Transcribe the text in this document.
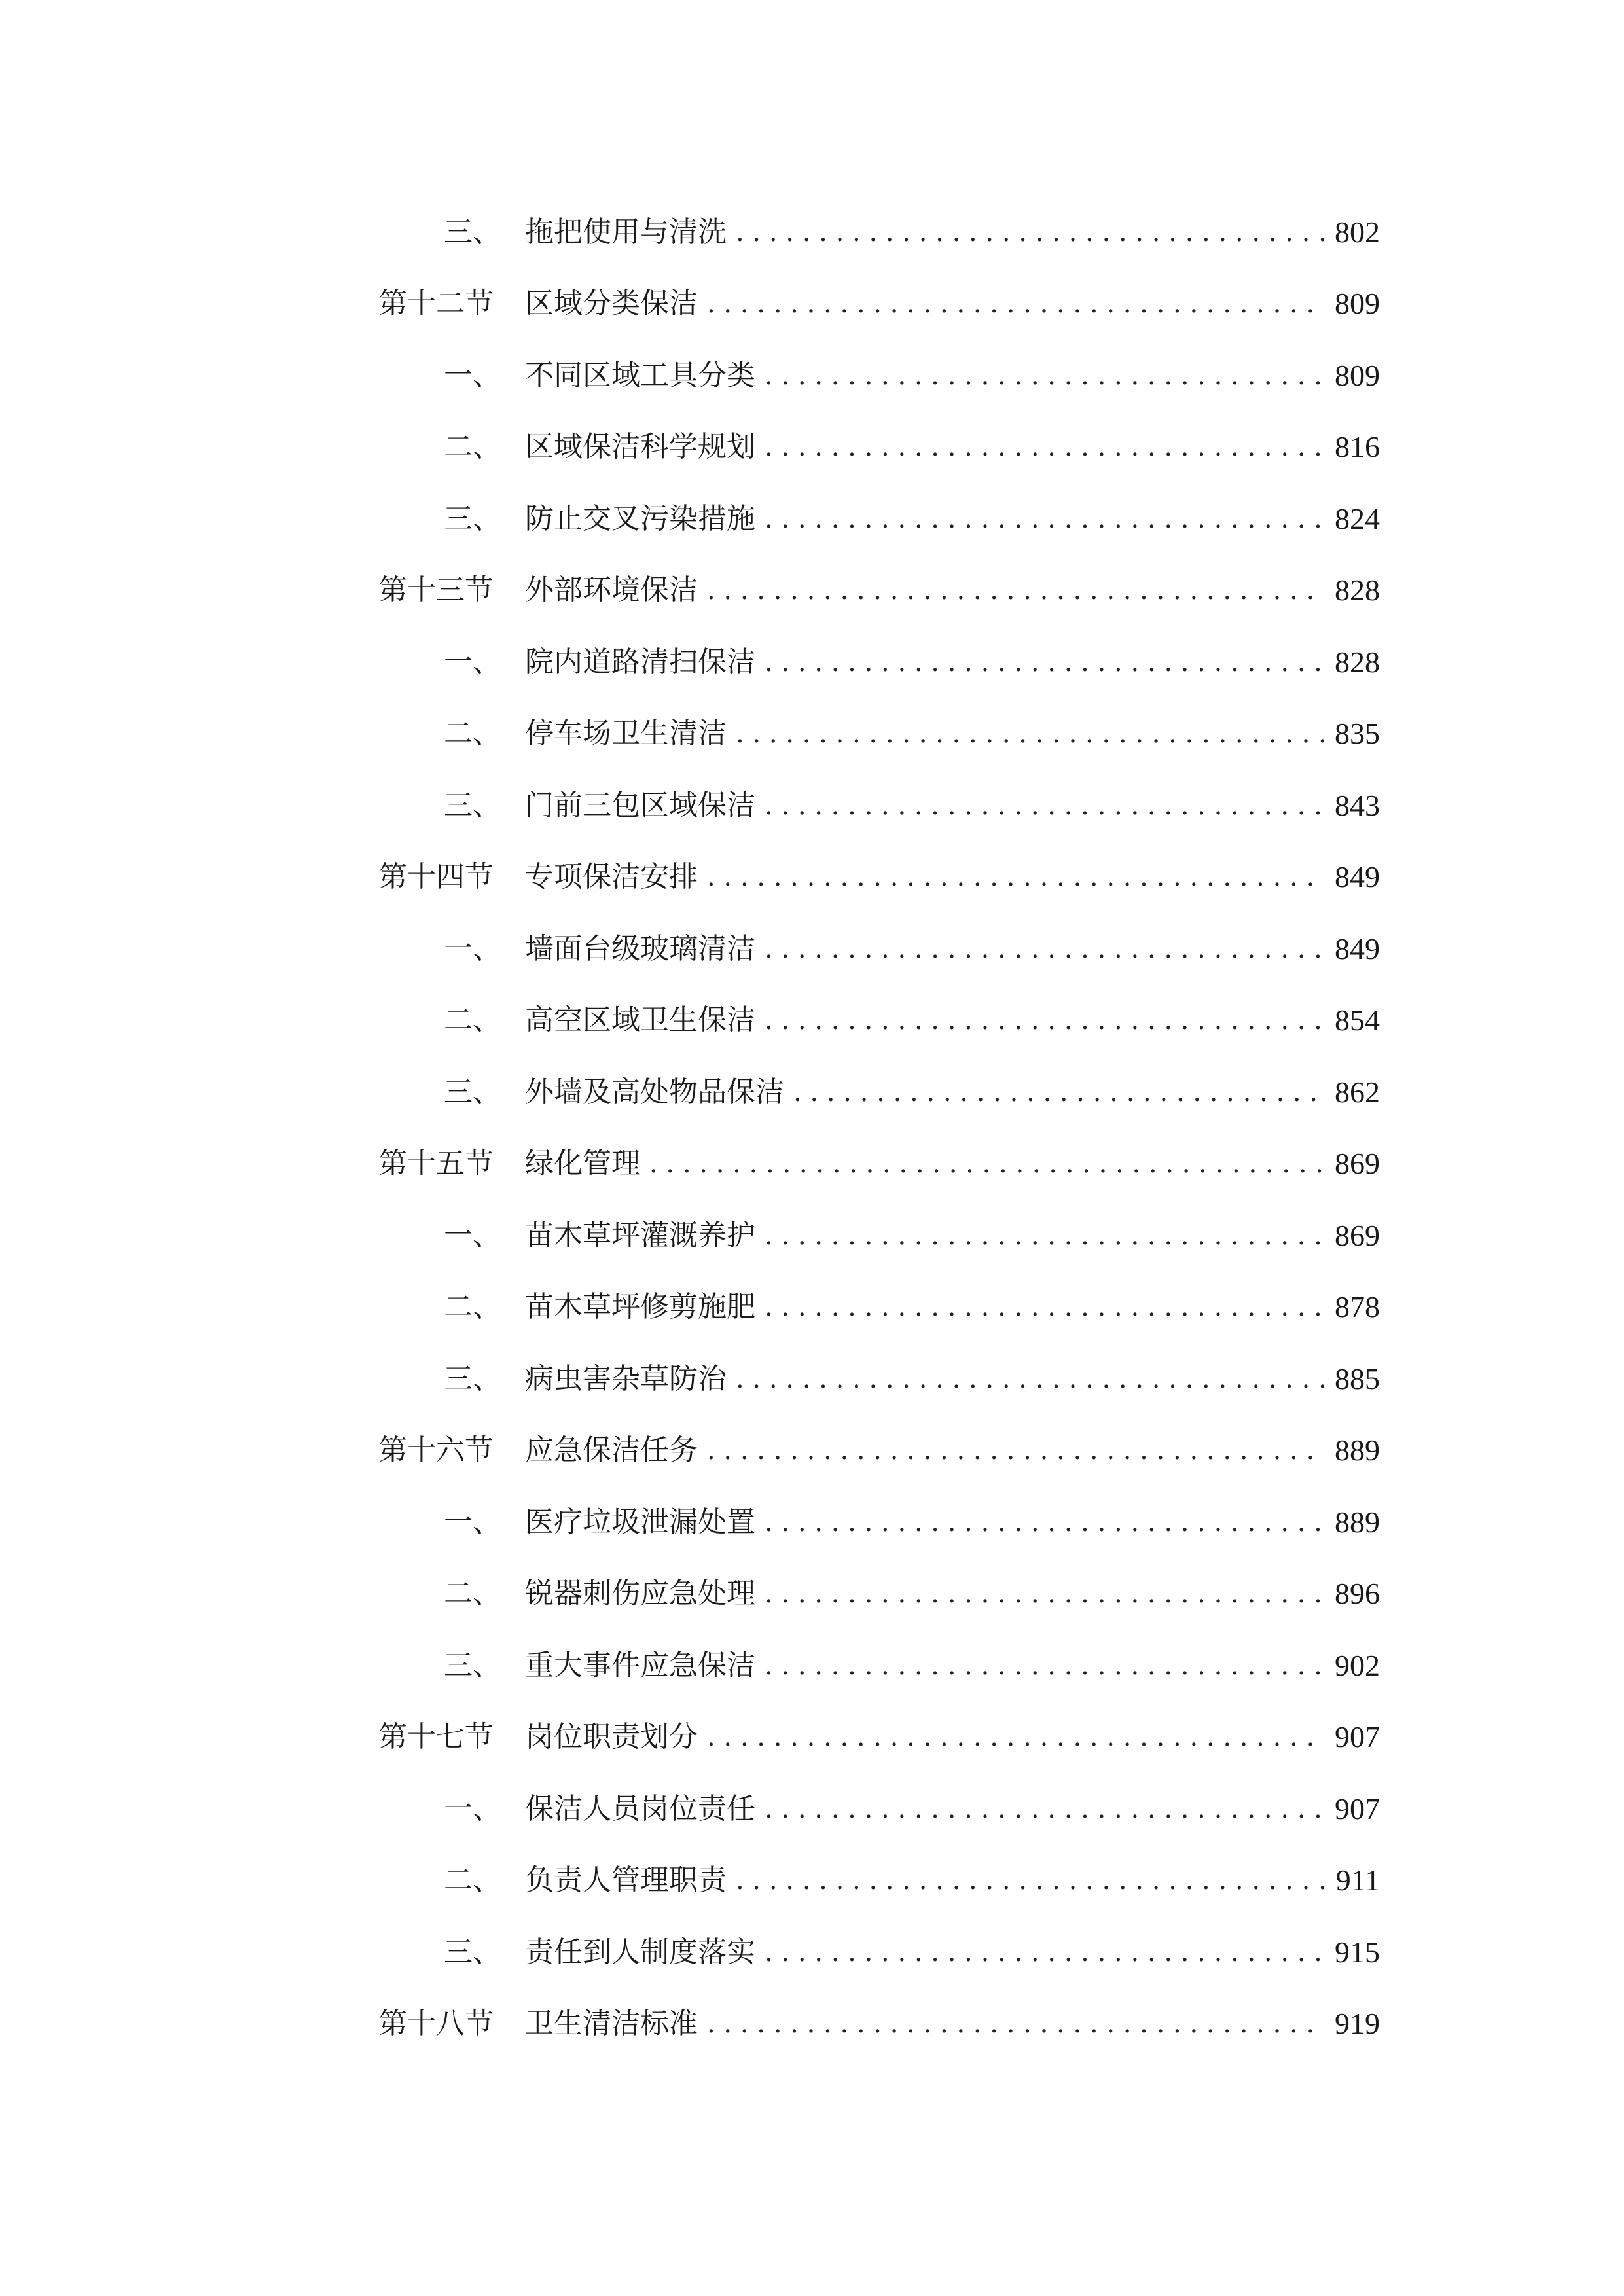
三、 拖把使用与清洗 . . .	802
第十二节	区域分类保洁 . . .	809
一、 不同区域工具分类 . . .	809
二、 区域保洁科学规划 . . .	816
三、 防止交叉污染措施 . . .	824
第十三节	外部环境保洁 . . .	828
一、 院内道路清扫保洁 . . .	828
二、 停车场卫生清洁 . . .	835
三、 门前三包区域保洁 . . .	843
第十四节	专项保洁安排 . . .	849
一、 墙面台级玻璃清洁 . . .	849
二、 高空区域卫生保洁 . . .	854
三、 外墙及高处物品保洁 . . .	862
第十五节	绿化管理 . . .	869
一、 苗木草坪灌溉养护 . . .	869
二、 苗木草坪修剪施肥 . . .	878
三、 病虫害杂草防治 . . .	885
第十六节	应急保洁任务 . . .	889
一、 医疗垃圾泄漏处置 . . .	889
二、 锐器刺伤应急处理 . . .	896
三、 重大事件应急保洁 . . .	902
第十七节	岗位职责划分 . . .	907
一、 保洁人员岗位责任 . . .	907
二、 负责人管理职责 . . .	911
三、 责任到人制度落实 . . .	915
第十八节	卫生清洁标准 . . .	919
